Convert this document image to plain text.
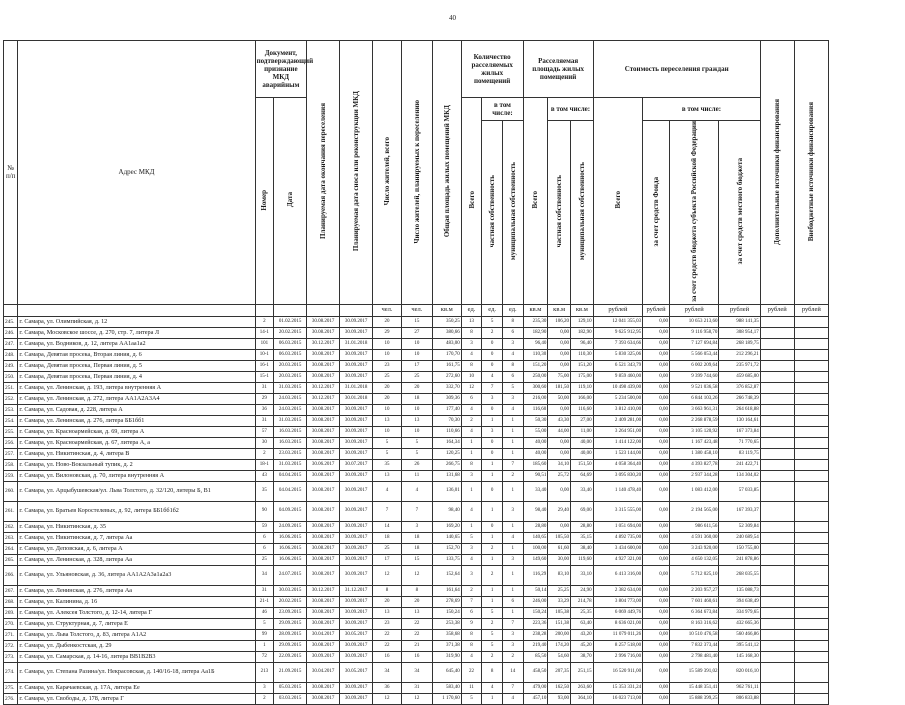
40
№ п/п	Адрес МКД	Документ, подтверждающий признание МКД аварийным		Планируемая дата окончания переселения	Планируемая дата сноса или реконструкции МКД	Число жителей, всего	Число жителей, планируемых к переселению	Общая площадь жилых помещений МКД	Количество расселяемых жилых помещений			Расселяемая площадь жилых помещений			Стоимость переселения граждан				Дополнительные источники финансирования	Внебюджетные источники финансирования
		Номер	Дата						Всего	в том числе:		Всего	в том числе:		Всего	в том числе:				
										частная собственность	муниципальная собственность		частная собственность	муниципальная собственность		за счет средств Фонда	за счет средств бюджета субъекта Российской Федерации	за счет средств местного бюджета		
						чел.	чел.	кв.м	ед.	ед.	ед.	кв.м	кв.м	кв.м	рублей	рублей	рублей	рублей	рублей	рублей
245.	г. Самара, ул. Олимпийская, д. 12	2	01.02.2015	30.08.2017	30.09.2017	20	15	350,25	13	5	8	235,30	106,20	129,10	12 041 355,03	0,00	10 653 213,60	988 141,35		
246.	г. Самара, Московское шоссе, д. 270, стр. 7, литера Л	14-1	20.02.2015	30.08.2017	30.09.2017	29	27	380,66	8	2	6	182,90	0,00	182,90	9 625 912,95	0,00	9 116 958,70	308 954,17		
247.	г. Самара, ул. Водников, д. 12, литера АА1аа1а2	101	06.03.2015	30.12.2017	31.01.2018	10	10	483,00	3	0	3	96,40	0,00	96,40	7 393 634,66	0,00	7 127 694,84	268 189,75		
248.	г. Самара, Девятая просека, Вторая линия, д. 6	10-1	06.03.2015	30.08.2017	30.09.2017	10	10	170,70	4	0	4	110,30	0,00	110,30	5 830 325,06	0,00	5 566 053,44	212 296,21		
249.	г. Самара, Девятая просека, Первая линия, д. 5	16-1	20.03.2015	30.08.2017	30.09.2017	23	17	161,75	8	0	8	151,20	0,00	151,20	6 521 343,79	0,00	6 002 209,64	235 971,72		
250.	г. Самара, Девятая просека, Первая линия, д. 4	15-1	20.03.2015	30.08.2017	30.09.2017	25	25	272,60	10	4	6	250,00	75,00	175,00	9 859 460,00	0,00	9 399 744,60	459 685,00		
251.	г. Самара, ул. Ленинская, д. 193, литера внутренняя А	31	31.03.2015	30.12.2017	31.01.2018	20	20	332,70	12	7	5	300,60	181,50	119,10	10 498 439,00	0,00	9 521 036,58	376 852,87		
252.	г. Самара, ул. Ленинская, д. 272, литера АА1А2А3А4	29	24.03.2015	30.12.2017	30.01.2018	20	18	309,36	6	3	3	216,00	50,00	166,00	5 234 500,00	0,00	6 844 103,26	266 748,39		
253.	г. Самара, ул. Садовая, д. 228, литера А	36	24.03.2015	30.08.2017	30.09.2017	10	10	177,40	4	0	4	116,60	0,00	116,60	3 812 410,00	0,00	3 663 961,31	264 618,88		
254.	г. Самара, ул. Ленинская, д. 276, литера ББ1бб1	31	31.03.2015	30.08.2017	30.09.2017	13	13	70,30	2	1	1	50,30	43,30	27,00	2 409 281,00	0,00	2 268 878,59	130 164,61		
255.	г. Самара, ул. Красноармейская, д. 69, литера А	57	16.03.2015	30.08.2017	30.09.2017	10	10	110,66	4	3	1	55,00	44,00	11,00	3 264 951,00	0,00	3 105 120,92	167 373,84		
256.	г. Самара, ул. Красноармейская, д. 67, литера А, а	30	16.03.2015	30.08.2017	30.09.2017	5	5	164,34	1	0	1	40,00	0,00	40,00	1 414 122,00	0,00	1 167 423,48	71 770,65		
257.	г. Самара, ул. Никитинская, д. 4, литера В	2	23.03.2015	30.08.2017	30.09.2017	5	5	120,25	1	0	1	40,00	0,00	40,00	1 523 144,00	0,00	1 380 458,10	83 119,75		
258.	г. Самара, ул. Ново-Вокзальный тупик, д. 2	18-1	31.03.2015	30.06.2017	30.07.2017	35	26	266,75	8	1	7	185,60	34,10	151,50	4 058 364,40	0,00	4 393 827,78	241 422,71		
259.	г. Самара, ул. Вилоновская, д. 70, литера внутренняя А	43	04.04.2015	30.08.2017	30.09.2017	13	11	131,68	3	1	2	90,51	25,72	64,69	3 095 830,20	0,00	2 937 344,28	134 304,02		
260.	г. Самара, ул. Арцыбушевская/ул. Льва Толстого, д. 32/120, литеры Б, В1	35	04.04.2015	30.08.2017	30.09.2017	4	4	136,01	1	0	1	33,40	0,00	33,40	1 140 478,40	0,00	1 083 412,00	57 033,85		
261.	г. Самара, ул. Братьев Коростелевых, д. 92, литера ББ1бб1б2	90	04.09.2015	30.08.2017	30.09.2017	7	7	98,40	4	1	3	98,40	29,40	69,00	3 315 555,00	0,00	2 194 565,00	167 393,37		
262.	г. Самара, ул. Никитинская, д. 35	59	24.09.2015	30.08.2017	30.09.2017	14	3	169,20	1	0	1	28,80	0,00	28,80	1 051 694,00	0,00	986 611,56	52 309,84		
263.	г. Самара, ул. Никитинская, д. 7, литера Аа	6	16.06.2015	30.08.2017	30.09.2017	18	18	140,65	5	1	4	140,65	105,50	35,15	4 892 735,00	0,00	4 591 360,00	240 689,54		
264.	г. Самара, ул. Деповская, д. 6, литера А	6	16.06.2015	30.08.2017	30.09.2017	25	18	152,70	3	2	1	100,00	61,60	38,40	3 434 600,00	0,00	3 243 920,00	150 755,00		
265.	г. Самара, ул. Ленинская, д. 328, литера Аа	25	16.06.2015	30.08.2017	30.09.2017	17	15	133,75	4	1	3	149,60	30,00	119,60	4 927 321,00	0,00	4 650 132,05	241 878,86		
266.	г. Самара, ул. Ульяновская, д. 36, литера АА1А2А3а1а2а3	34	24.07.2015	30.08.2017	30.09.2017	12	12	152,64	3	2	1	116,29	83,10	33,10	6 413 316,00	0,00	5 712 025,10	268 035,55		
267.	г. Самара, ул. Ленинская, д. 276, литера Аа	31	30.03.2015	30.12.2017	31.12.2017	8	8	161,64	2	1	1	50,14	25,25	24,90	2 382 634,00	0,00	2 203 957,27	135 088,73		
268.	г. Самара, ул. Калинина, д. 16	21-1	20.02.2015	30.08.2017	30.09.2017	20	20	278,69	7	1	6	246,00	33,29	214,78	3 804 773,00	0,00	7 601 460,61	394 638,49		
269.	г. Самара, ул. Алексея Толстого, д. 12-14, литера Г	46	23.09.2015	30.08.2017	30.09.2017	13	13	150,24	6	5	1	150,24	105,38	25,35	6 069 449,76	0,00	6 364 673,84	334 979,65		
270.	г. Самара, ул. Структурная, д. 7, литера Е	5	29.09.2015	30.08.2017	30.09.2017	23	22	253,38	9	2	7	223,36	151,38	63,40	8 636 021,00	0,00	8 163 316,62	432 665,36		
271.	г. Самара, ул. Льва Толстого, д. 83, литера А1А2	99	28.09.2015	30.04.2017	30.05.2017	22	22	358,68	8	5	3	238,28	200,00	43,20	11 079 011,26	0,00	10 510 476,58	560 466,86		
272.	г. Самара, ул. Дыбенкостская, д. 29	1	29.09.2015	30.08.2017	30.09.2017	22	21	371,38	8	5	3	219,40	174,20	45,20	8 257 518,00	0,00	7 832 373,44	395 541,12		
273.	г. Самара, ул. Самарская, д. 14-16, литера ВВ1В2В3	72	22.09.2015	30.09.2017	30.09.2017	16	16	319,90	4	2	2	85,50	54,60	38,70	2 996 716,00	0,00	2 798 481,40	145 168,30		
274.	г. Самара, ул. Степана Разина/ул. Некрасовская, д. 140/16-18, литера Аа1Б	213	21.09.2015	30.04.2017	30.05.2017	34	34	645,40	22	8	14	458,50	207,35	251,15	16 520 911,00	0,00	15 589 391,02	820 016,10		
275.	г. Самара, ул. Карачаевская, д. 17А, литера Ее	3	05.03.2015	30.08.2017	30.09.2017	36	31	583,40	11	4	7	479,00	162,50	263,60	15 353 331,24	0,00	15 448 351,41	962 761,11		
276.	г. Самара, ул. Свободы, д. 178, литера Г	2	03.03.2015	30.08.2017	30.09.2017	12	12	1 170,60	5	1	4	457,10	93,00	364,10	16 023 713,00	0,00	15 888 399,25	806 833,88		
